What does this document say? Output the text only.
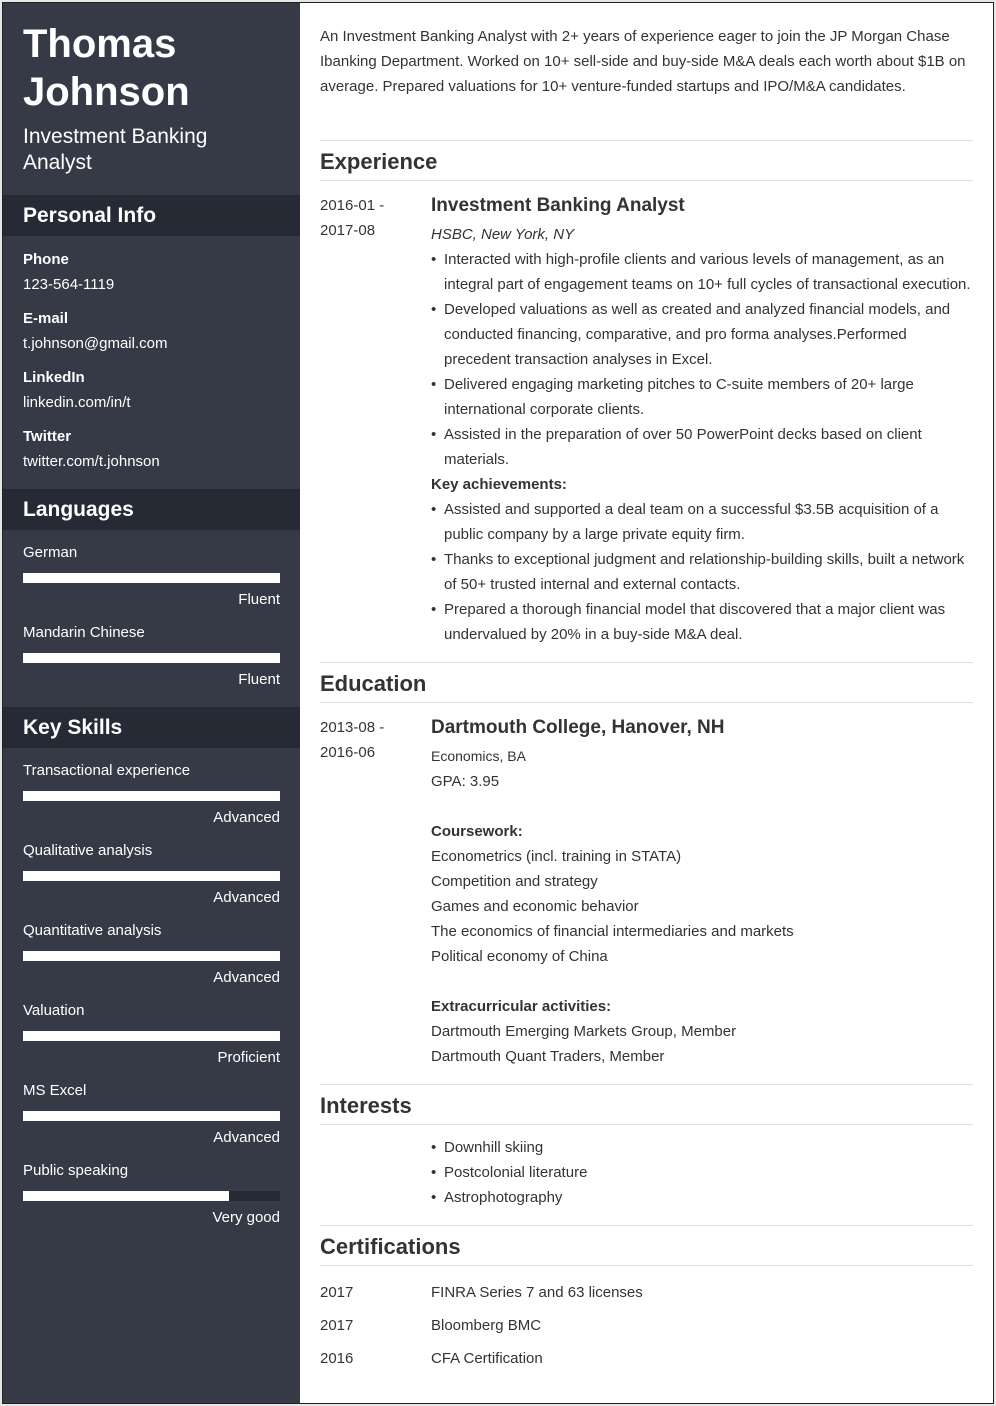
Thomas
Johnson
Investment Banking
Analyst
Personal Info
Phone
123-564-1119
E-mail
t.johnson@gmail.com
LinkedIn
linkedin.com/in/t
Twitter
twitter.com/t.johnson
Languages
German
Fluent
Mandarin Chinese
Fluent
Key Skills
Transactional experience
Advanced
Qualitative analysis
Advanced
Quantitative analysis
Advanced
Valuation
Proficient
MS Excel
Advanced
Public speaking
Very good
An Investment Banking Analyst with 2+ years of experience eager to join the JP Morgan Chase Ibanking Department. Worked on 10+ sell-side and buy-side M&A deals each worth about $1B on average. Prepared valuations for 10+ venture-funded startups and IPO/M&A candidates.
Experience
2016-01 -
2017-08
Investment Banking Analyst
HSBC, New York, NY
• Interacted with high-profile clients and various levels of management, as an integral part of engagement teams on 10+ full cycles of transactional execution.
• Developed valuations as well as created and analyzed financial models, and conducted financing, comparative, and pro forma analyses.Performed precedent transaction analyses in Excel.
• Delivered engaging marketing pitches to C-suite members of 20+ large international corporate clients.
• Assisted in the preparation of over 50 PowerPoint decks based on client materials.
Key achievements:
• Assisted and supported a deal team on a successful $3.5B acquisition of a public company by a large private equity firm.
• Thanks to exceptional judgment and relationship-building skills, built a network of 50+ trusted internal and external contacts.
• Prepared a thorough financial model that discovered that a major client was undervalued by 20% in a buy-side M&A deal.
Education
2013-08 -
2016-06
Dartmouth College, Hanover, NH
Economics, BA
GPA: 3.95
Coursework:
Econometrics (incl. training in STATA)
Competition and strategy
Games and economic behavior
The economics of financial intermediaries and markets
Political economy of China
Extracurricular activities:
Dartmouth Emerging Markets Group, Member
Dartmouth Quant Traders, Member
Interests
• Downhill skiing
• Postcolonial literature
• Astrophotography
Certifications
2017	FINRA Series 7 and 63 licenses
2017	Bloomberg BMC
2016	CFA Certification
